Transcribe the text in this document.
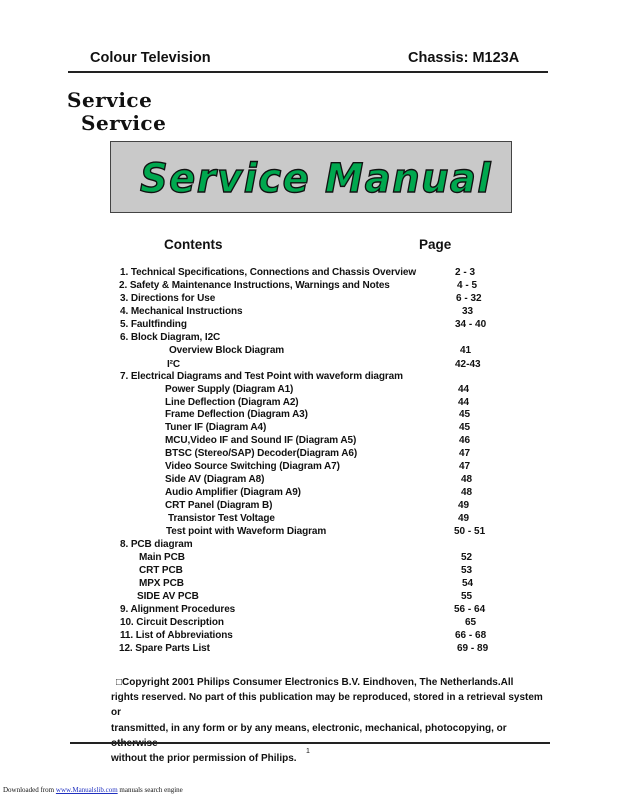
Colour Television	Chassis: M123A
Service
Service
Service Manual
Contents	Page
1. Technical Specifications, Connections and Chassis Overview	2 - 3
2. Safety & Maintenance Instructions, Warnings and Notes	4 - 5
3. Directions for Use	6 - 32
4. Mechanical Instructions	33
5. Faultfinding	34 - 40
6. Block Diagram, I2C
Overview Block Diagram	41
I²C	42-43
7. Electrical Diagrams and Test Point with waveform diagram
Power Supply (Diagram A1)	44
Line Deflection (Diagram A2)	44
Frame Deflection (Diagram A3)	45
Tuner IF (Diagram A4)	45
MCU,Video IF and Sound IF (Diagram A5)	46
BTSC (Stereo/SAP) Decoder(Diagram A6)	47
Video Source Switching (Diagram A7)	47
Side AV (Diagram A8)	48
Audio Amplifier (Diagram A9)	48
CRT Panel (Diagram B)	49
Transistor Test Voltage	49
Test point with Waveform Diagram	50 - 51
8. PCB diagram
Main PCB	52
CRT PCB	53
MPX PCB	54
SIDE AV PCB	55
9. Alignment Procedures	56 - 64
10. Circuit Description	65
11. List of Abbreviations	66 - 68
12. Spare Parts List	69 - 89
□Copyright 2001 Philips Consumer Electronics B.V. Eindhoven, The Netherlands.All
rights reserved. No part of this publication may be reproduced, stored in a retrieval system or
transmitted, in any form or by any means, electronic, mechanical, photocopying, or
without the prior permission of Philips.
1
Downloaded from www.Manualslib.com manuals search engine
